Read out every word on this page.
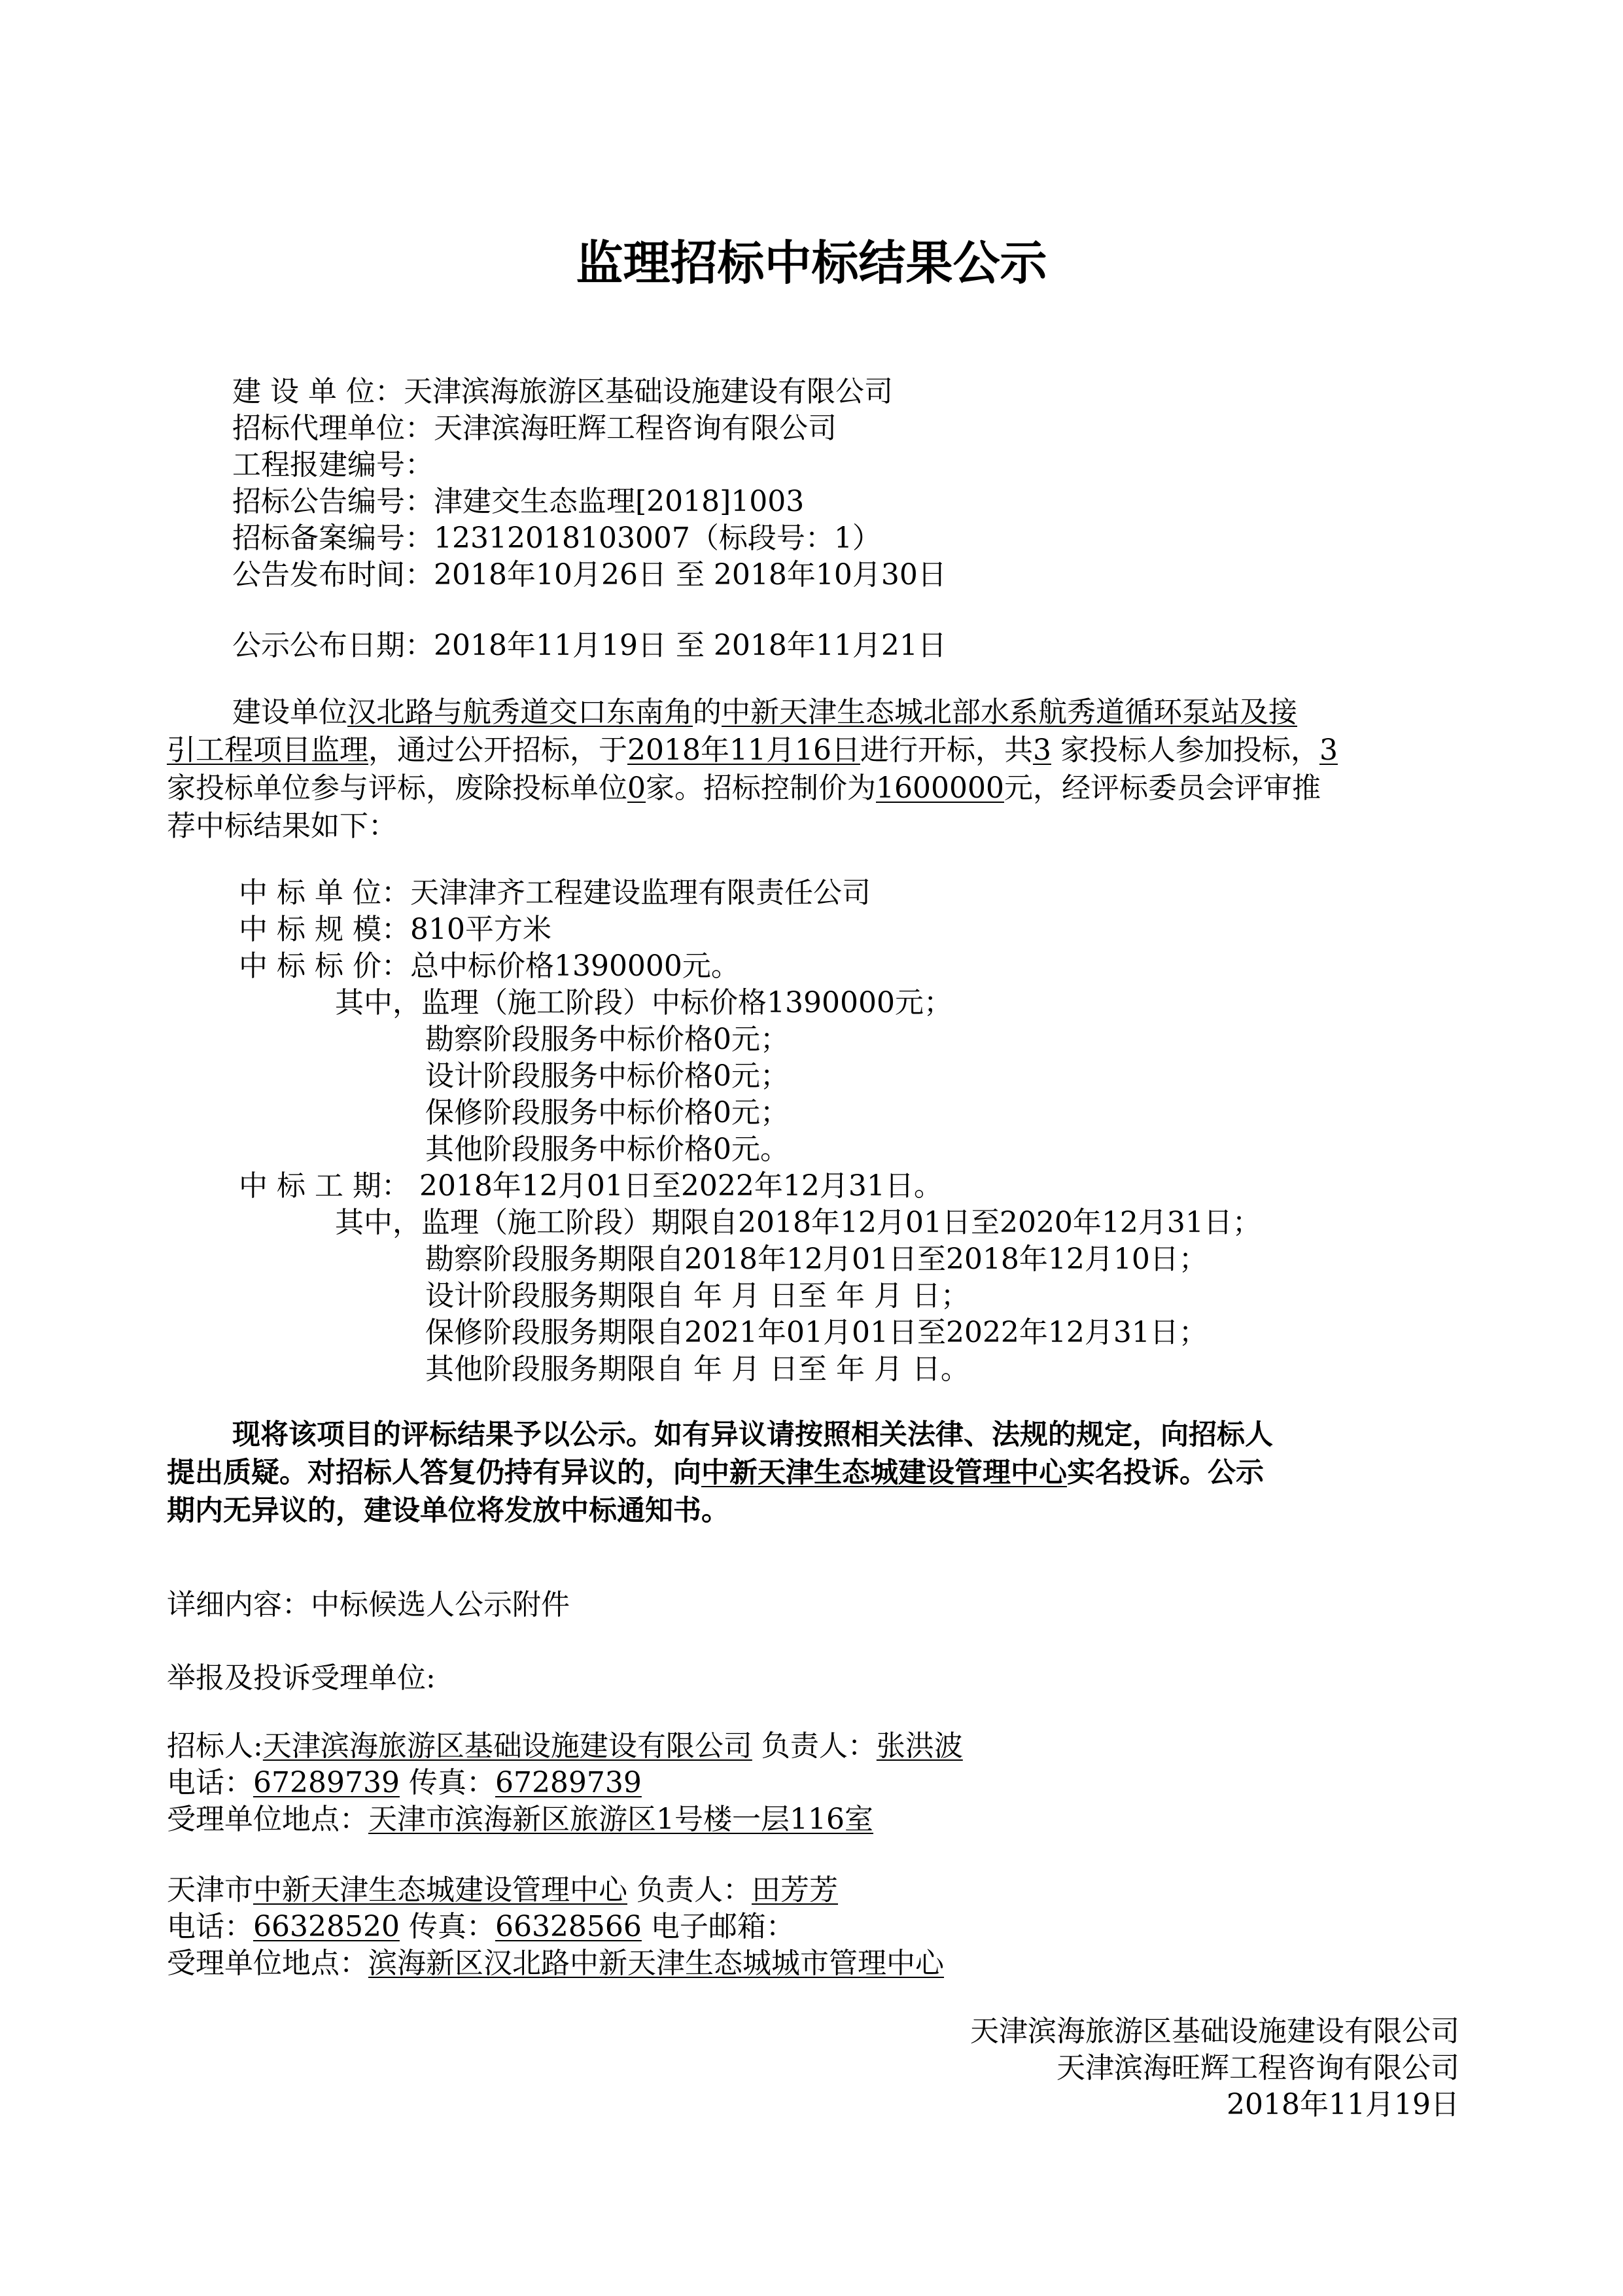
监理招标中标结果公示
建 设 单 位：天津滨海旅游区基础设施建设有限公司
招标代理单位：天津滨海旺辉工程咨询有限公司
工程报建编号：
招标公告编号：津建交生态监理[2018]1003
招标备案编号：12312018103007（标段号：1）
公告发布时间：2018年10月26日 至 2018年10月30日
公示公布日期：2018年11月19日 至 2018年11月21日
建设单位汉北路与航秀道交口东南角的中新天津生态城北部水系航秀道循环泵站及接
引工程项目监理，通过公开招标，于2018年11月16日进行开标，共3 家投标人参加投标，3
家投标单位参与评标，废除投标单位0家。招标控制价为1600000元，经评标委员会评审推
荐中标结果如下：
中 标 单 位：天津津齐工程建设监理有限责任公司
中 标 规 模：810平方米
中 标 标 价：总中标价格1390000元。
其中，监理（施工阶段）中标价格1390000元；
勘察阶段服务中标价格0元；
设计阶段服务中标价格0元；
保修阶段服务中标价格0元；
其他阶段服务中标价格0元。
中 标 工 期： 2018年12月01日至2022年12月31日。
其中，监理（施工阶段）期限自2018年12月01日至2020年12月31日；
勘察阶段服务期限自2018年12月01日至2018年12月10日；
设计阶段服务期限自 年 月 日至 年 月 日；
保修阶段服务期限自2021年01月01日至2022年12月31日；
其他阶段服务期限自 年 月 日至 年 月 日。
现将该项目的评标结果予以公示。如有异议请按照相关法律、法规的规定，向招标人
提出质疑。对招标人答复仍持有异议的，向中新天津生态城建设管理中心实名投诉。公示
期内无异议的，建设单位将发放中标通知书。
详细内容：中标候选人公示附件
举报及投诉受理单位:
招标人:天津滨海旅游区基础设施建设有限公司 负责人：张洪波
电话：67289739 传真：67289739
受理单位地点：天津市滨海新区旅游区1号楼一层116室
天津市中新天津生态城建设管理中心 负责人：田芳芳
电话：66328520 传真：66328566 电子邮箱：
受理单位地点：滨海新区汉北路中新天津生态城城市管理中心
天津滨海旅游区基础设施建设有限公司
天津滨海旺辉工程咨询有限公司
2018年11月19日
